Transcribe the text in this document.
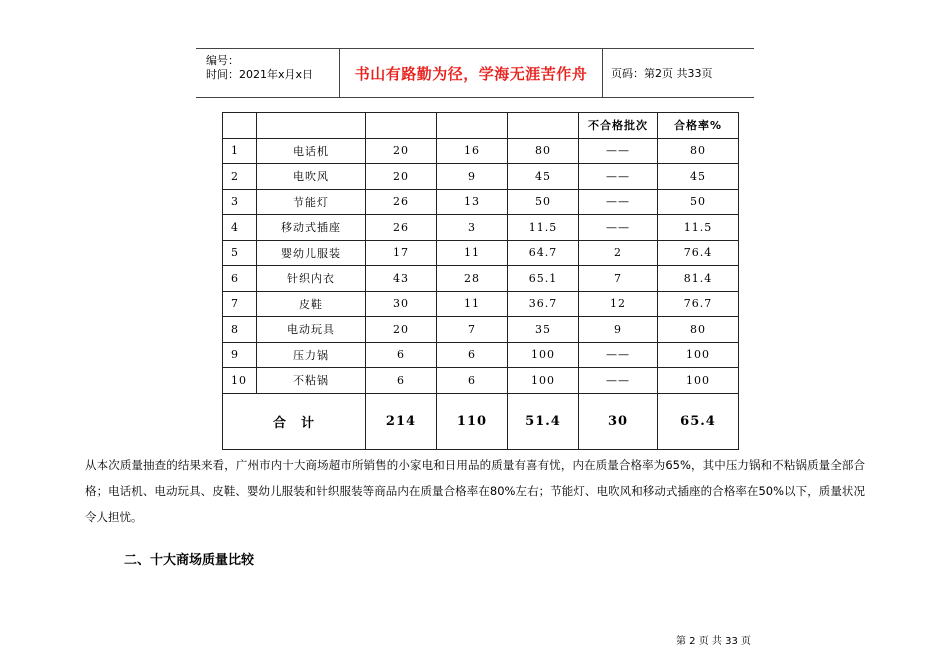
编号：
时间：2021年x月x日	书山有路勤为径，学海无涯苦作舟	页码：第2页 共33页
					不合格批次	合格率%
1	电话机	20	16	80	——	80
2	电吹风	20	9	45	——	45
3	节能灯	26	13	50	——	50
4	移动式插座	26	3	11.5	——	11.5
5	婴幼儿服装	17	11	64.7	2	76.4
6	针织内衣	43	28	65.1	7	81.4
7	皮鞋	30	11	36.7	12	76.7
8	电动玩具	20	7	35	9	80
9	压力锅	6	6	100	——	100
10	不粘锅	6	6	100	——	100
合　计		214	110	51.4	30	65.4
从本次质量抽查的结果来看，广州市内十大商场超市所销售的小家电和日用品的质量有喜有忧，内在质量合格率为65%，其中压力锅和不粘锅质量全部合格；电话机、电动玩具、皮鞋、婴幼儿服装和针织服装等商品内在质量合格率在80%左右；节能灯、电吹风和移动式插座的合格率在50%以下，质量状况令人担忧。
二、十大商场质量比较
第 2 页 共 33 页
